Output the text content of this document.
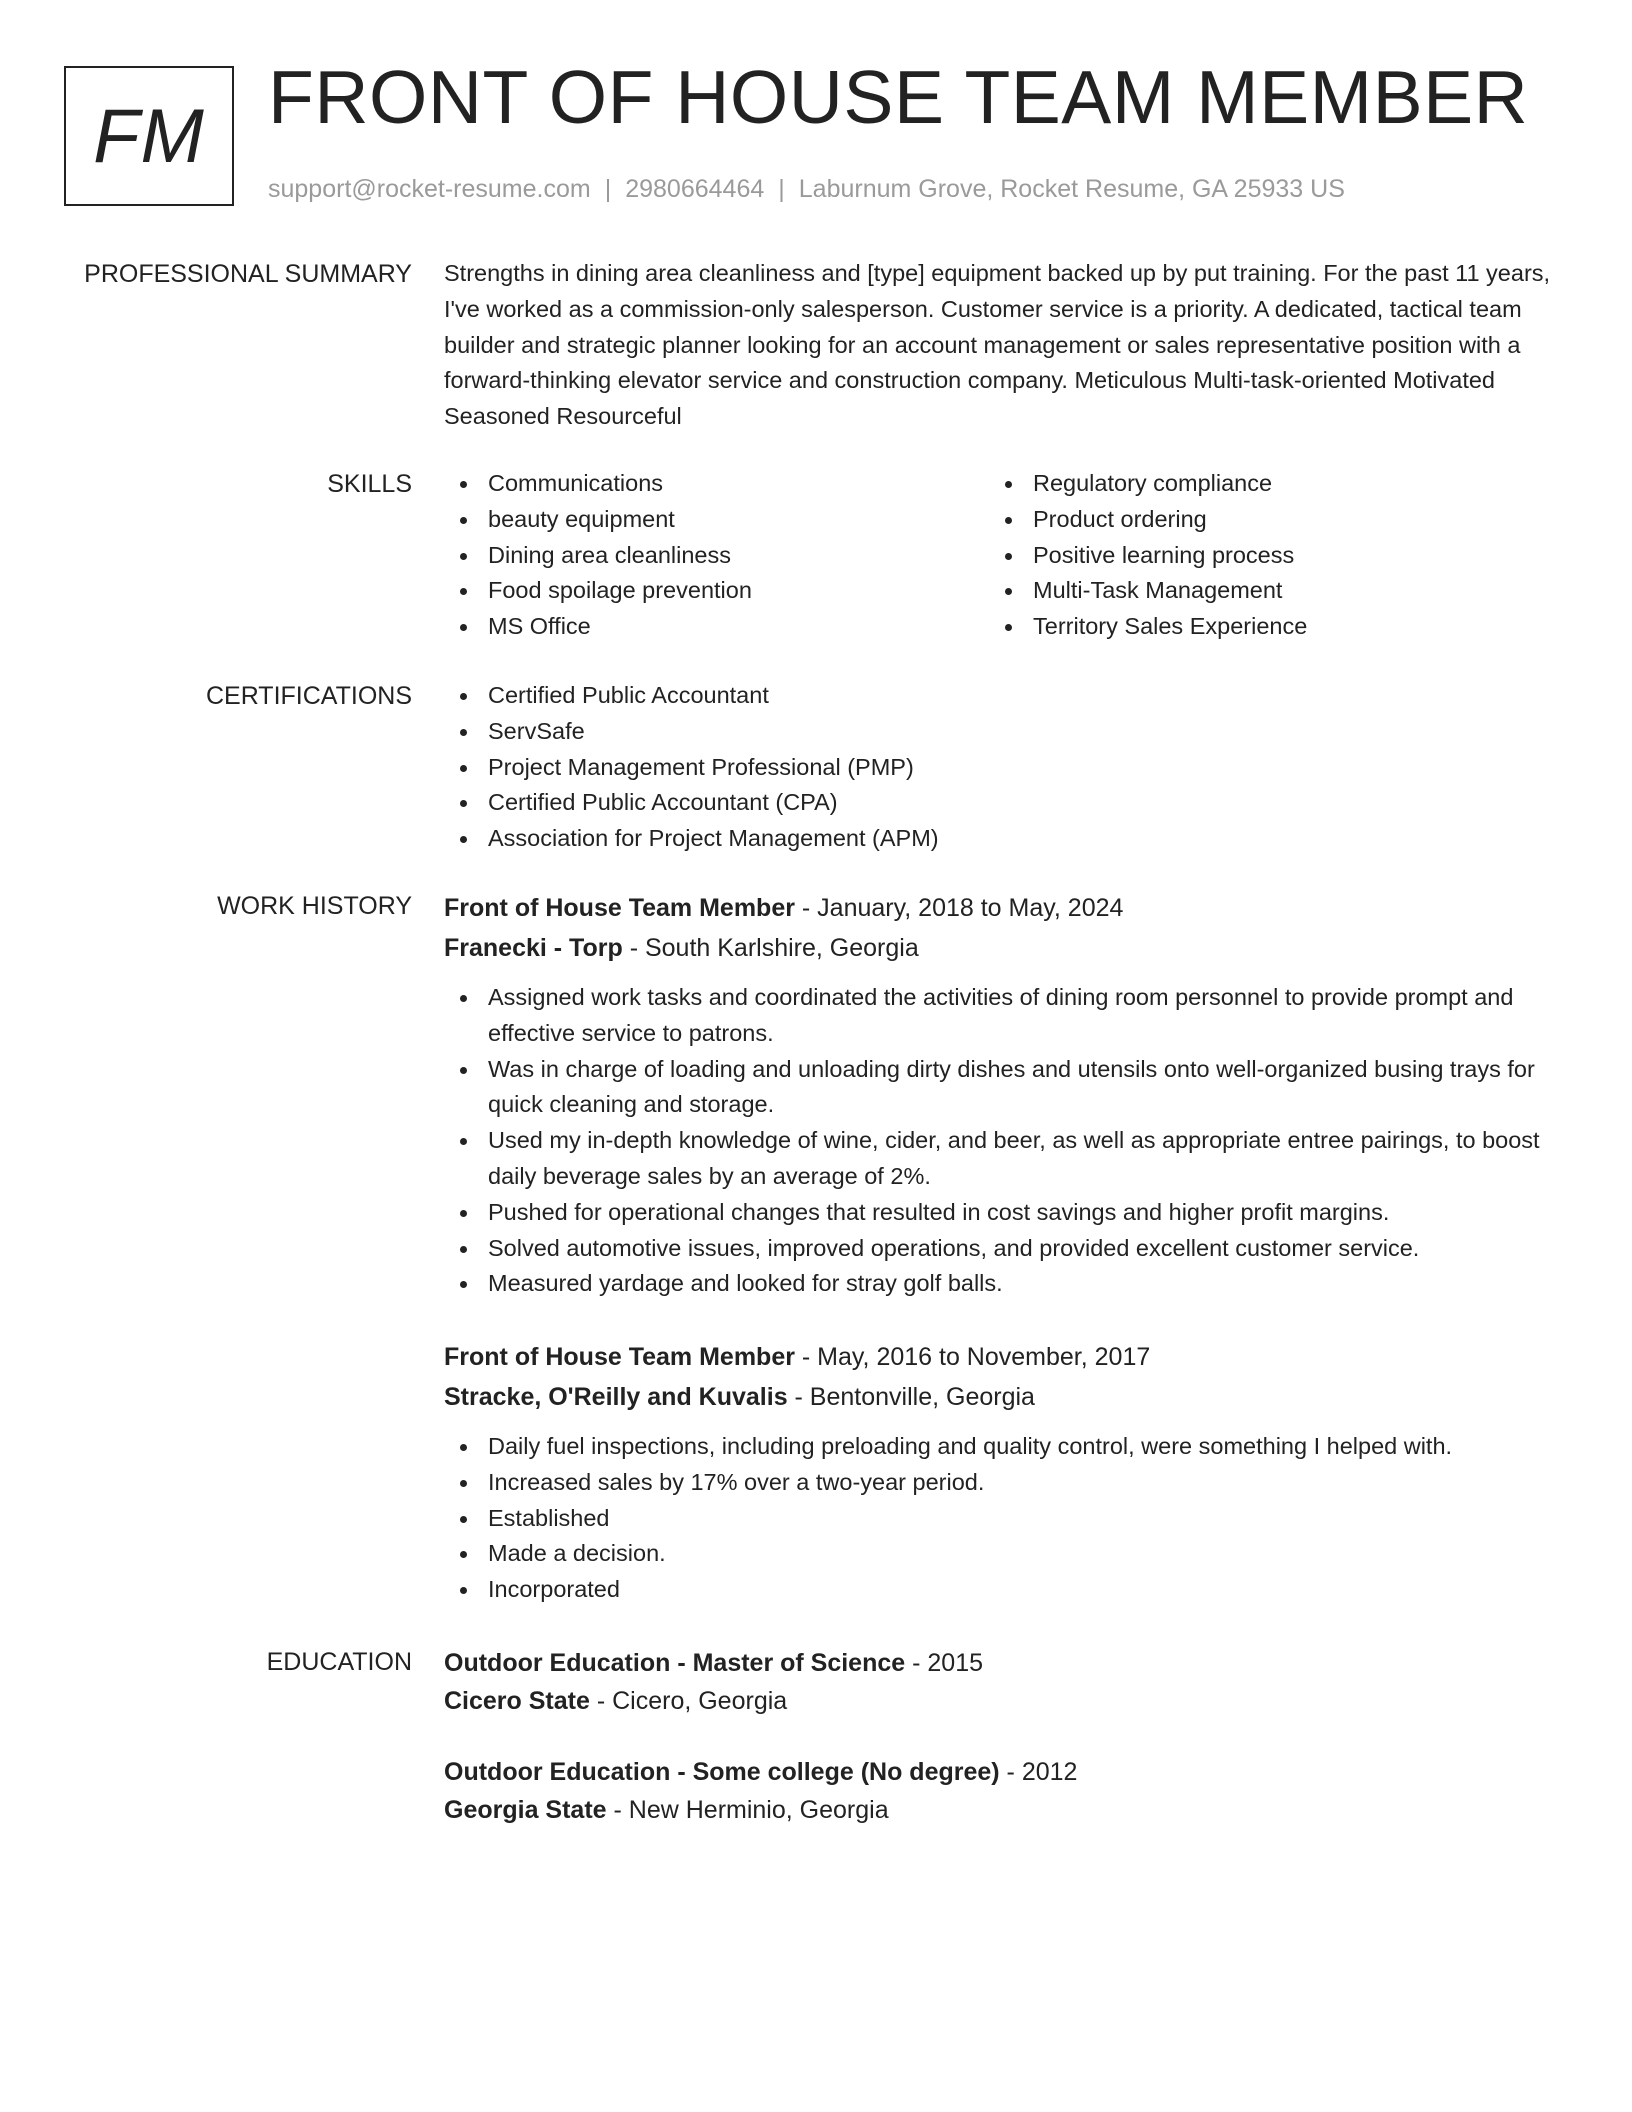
FM FRONT OF HOUSE TEAM MEMBER
support@rocket-resume.com | 2980664464 | Laburnum Grove, Rocket Resume, GA 25933 US
PROFESSIONAL SUMMARY Strengths in dining area cleanliness and [type] equipment backed up by put training. For the past 11 years, I've worked as a commission-only salesperson. Customer service is a priority. A dedicated, tactical team builder and strategic planner looking for an account management or sales representative position with a forward-thinking elevator service and construction company. Meticulous Multi-task-oriented Motivated Seasoned Resourceful
SKILLS	Communications
beauty equipment
Dining area cleanliness
Food spoilage prevention
MS Office
Regulatory compliance
Product ordering
Positive learning process
Multi-Task Management
Territory Sales Experience
CERTIFICATIONS	Certified Public Accountant
ServSafe
Project Management Professional (PMP)
Certified Public Accountant (CPA)
Association for Project Management (APM)
WORK HISTORY Front of House Team Member - January, 2018 to May, 2024
Franecki - Torp - South Karlshire, Georgia
Assigned work tasks and coordinated the activities of dining room personnel to provide prompt and effective service to patrons.
Was in charge of loading and unloading dirty dishes and utensils onto well-organized busing trays for quick cleaning and storage.
Used my in-depth knowledge of wine, cider, and beer, as well as appropriate entree pairings, to boost daily beverage sales by an average of 2%.
Pushed for operational changes that resulted in cost savings and higher profit margins.
Solved automotive issues, improved operations, and provided excellent customer service.
Measured yardage and looked for stray golf balls.
Front of House Team Member - May, 2016 to November, 2017
Stracke, O'Reilly and Kuvalis - Bentonville, Georgia
Daily fuel inspections, including preloading and quality control, were something I helped with.
Increased sales by 17% over a two-year period.
Established
Made a decision.
Incorporated
EDUCATION Outdoor Education - Master of Science - 2015
Cicero State - Cicero, Georgia
Outdoor Education - Some college (No degree) - 2012
Georgia State - New Herminio, Georgia
